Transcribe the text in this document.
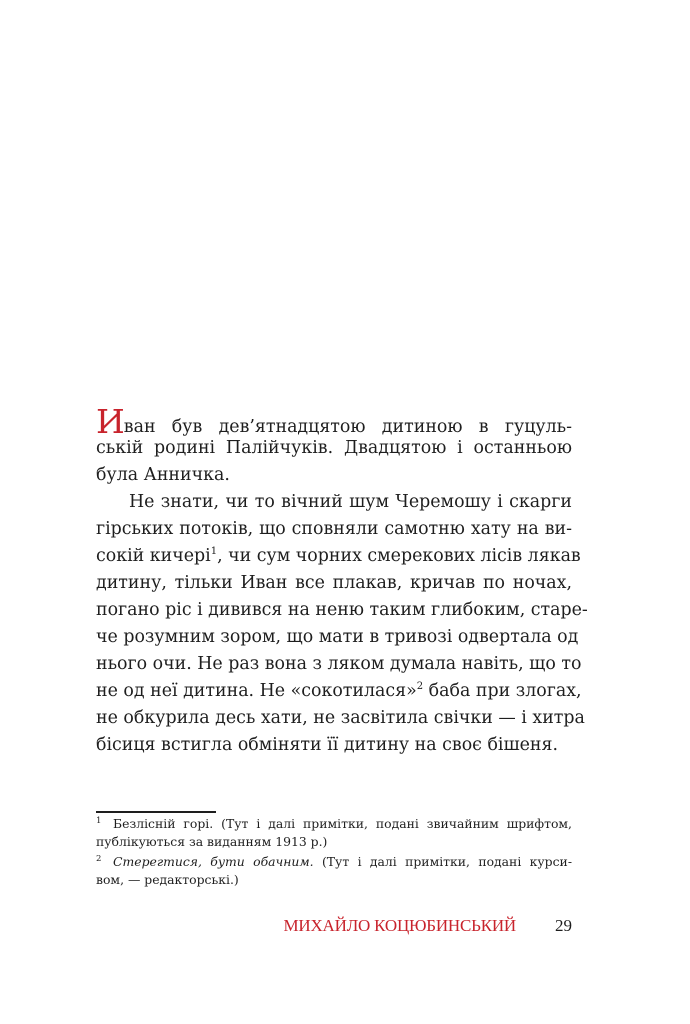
Иван був дев’ятнадцятою дитиною в гуцуль-
ській родині Палійчуків. Двадцятою і останньою
була Анничка.
Не знати, чи то вічний шум Черемошу і скарги
гірських потоків, що сповняли самотню хату на ви-
сокій кичері$^1$, чи сум чорних смерекових лісів лякав
дитину, тільки Иван все плакав, кричав по ночах,
погано ріс і дивився на неню таким глибоким, старе-
че розумним зором, що мати в тривозі одвертала од
нього очи. Не раз вона з ляком думала навіть, що то
не од неї дитина. Не «сокотилася»$^2$ баба при злогах,
не обкурила десь хати, не засвітила свічки — і хитра
бісиця встигла обміняти її дитину на своє бішеня.
1 Безлісній горі. (Тут і далі примітки, подані звичайним шрифтом,
публікуються за виданням 1913 р.)
2 Стерегтися, бути обачним. (Тут і далі примітки, подані курси-
вом, — редакторські.)
МИХАЙЛО КОЦЮБИНСЬКИЙ 29
